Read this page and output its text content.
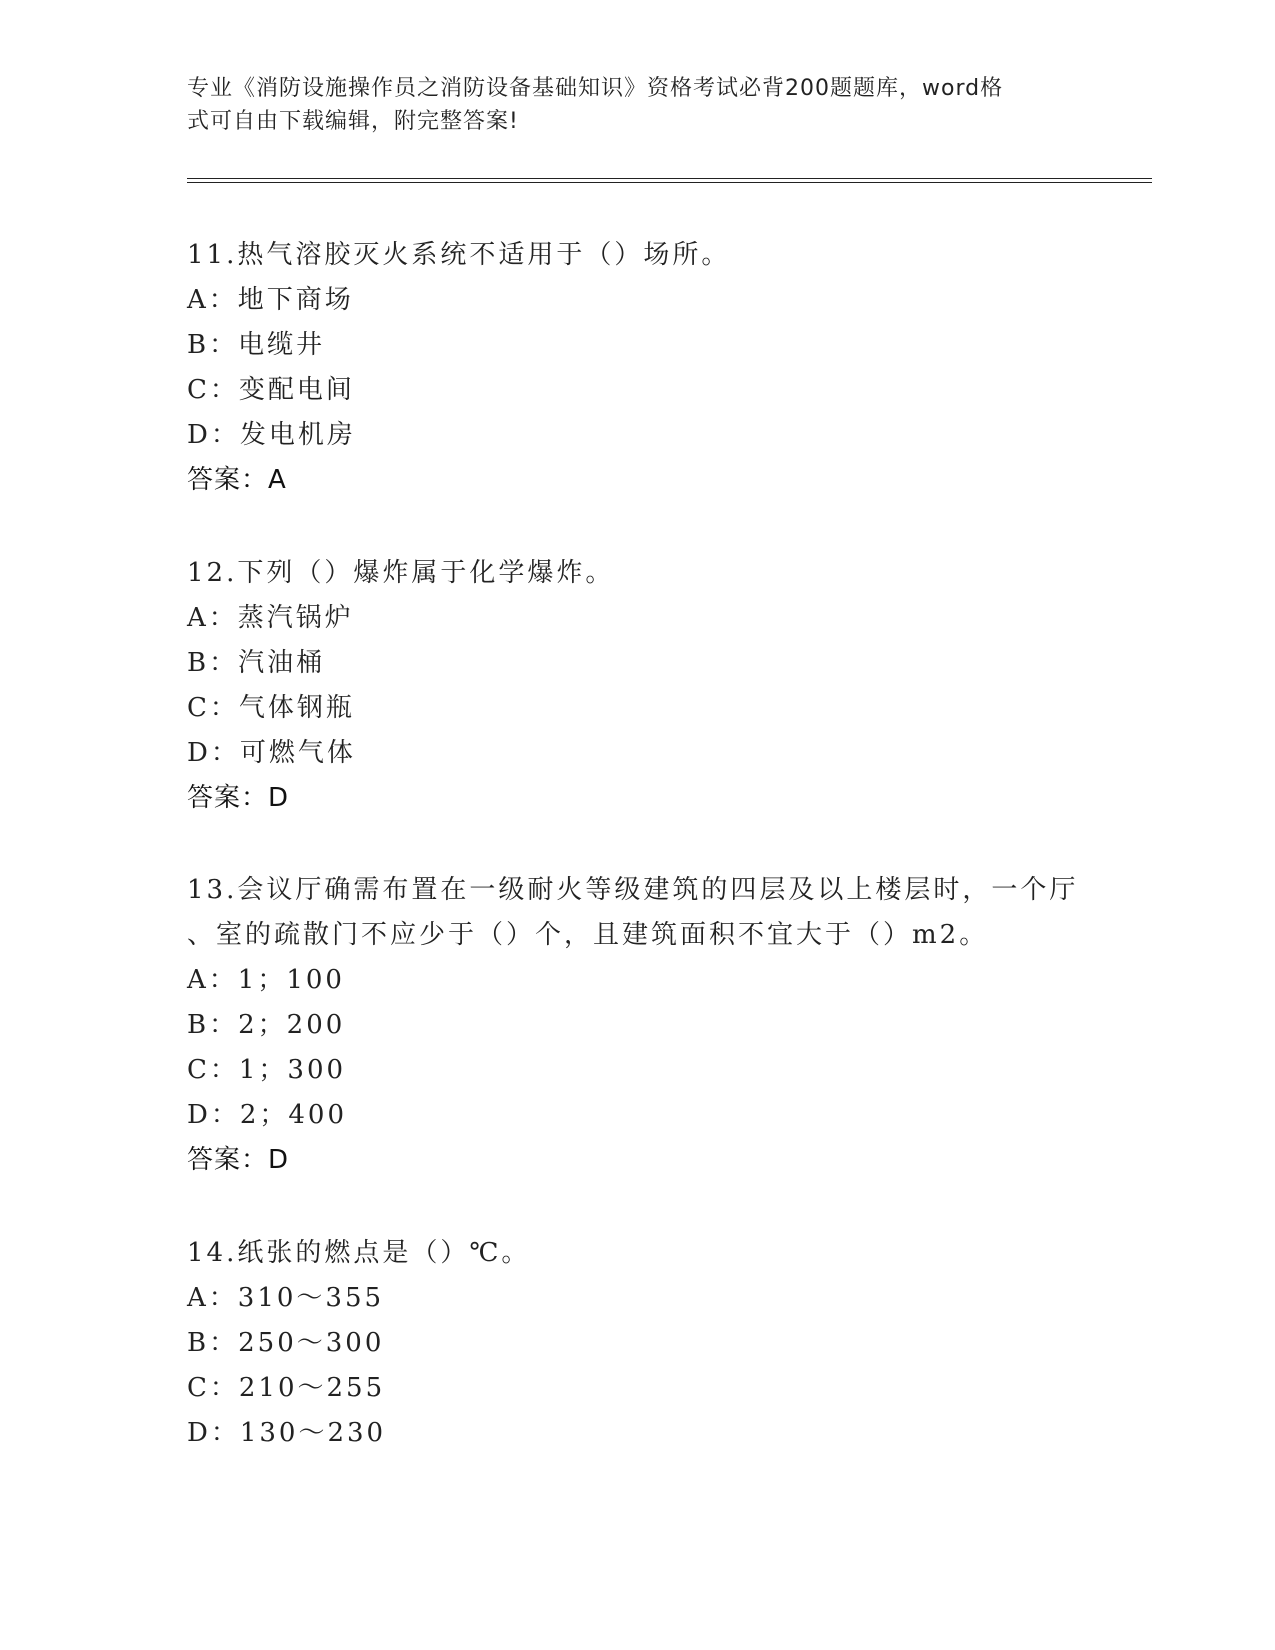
专业《消防设施操作员之消防设备基础知识》资格考试必背200题题库，word格
式可自由下载编辑，附完整答案!
11.热气溶胶灭火系统不适用于（）场所。
A：地下商场
B：电缆井
C：变配电间
D：发电机房
答案：A
12.下列（）爆炸属于化学爆炸。
A：蒸汽锅炉
B：汽油桶
C：气体钢瓶
D：可燃气体
答案：D
13.会议厅确需布置在一级耐火等级建筑的四层及以上楼层时，一个厅
、室的疏散门不应少于（）个，且建筑面积不宜大于（）m2。
A：1；100
B：2；200
C：1；300
D：2；400
答案：D
14.纸张的燃点是（）℃。
A：310～355
B：250～300
C：210～255
D：130～230
